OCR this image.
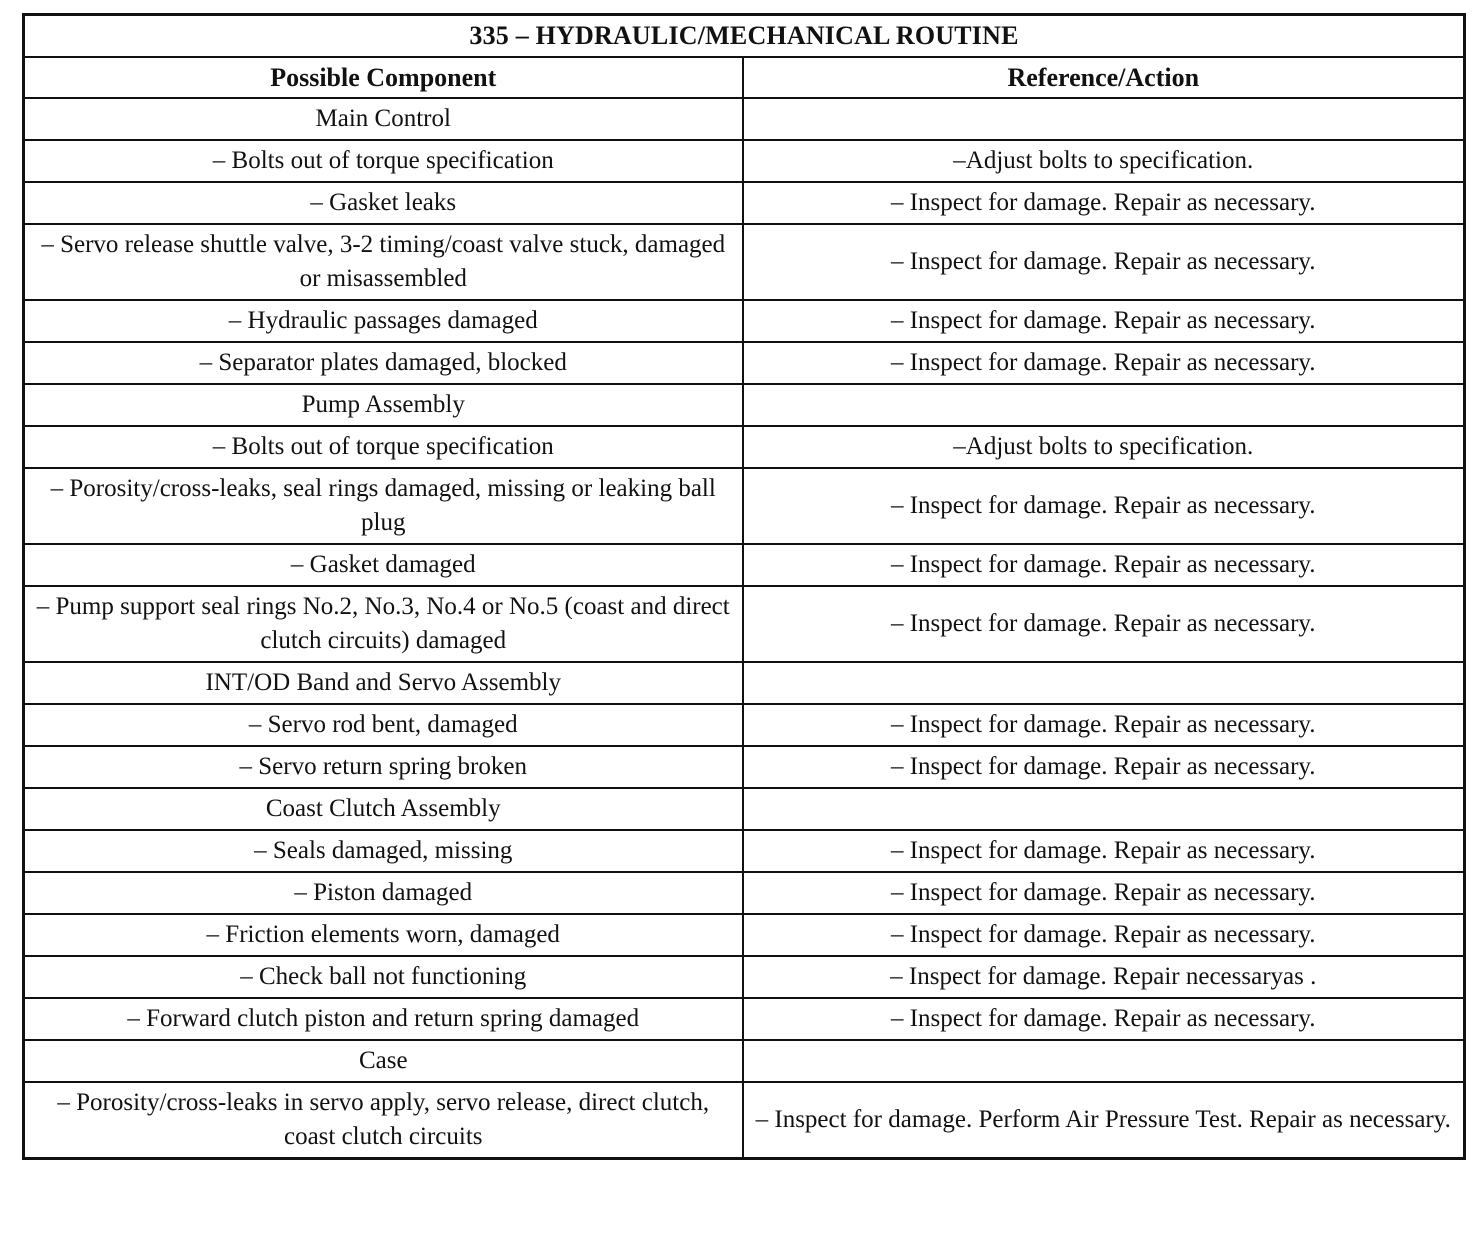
335 – HYDRAULIC/MECHANICAL ROUTINE	
Possible Component	Reference/Action
Main Control	
– Bolts out of torque specification	–Adjust bolts to specification.
– Gasket leaks	– Inspect for damage. Repair as necessary.
– Servo release shuttle valve, 3-2 timing/coast valve stuck, damaged or misassembled	– Inspect for damage. Repair as necessary.
– Hydraulic passages damaged	– Inspect for damage. Repair as necessary.
– Separator plates damaged, blocked	– Inspect for damage. Repair as necessary.
Pump Assembly	
– Bolts out of torque specification	–Adjust bolts to specification.
– Porosity/cross-leaks, seal rings damaged, missing or leaking ball plug	– Inspect for damage. Repair as necessary.
– Gasket damaged	– Inspect for damage. Repair as necessary.
– Pump support seal rings No.2, No.3, No.4 or No.5 (coast and direct clutch circuits) damaged	– Inspect for damage. Repair as necessary.
INT/OD Band and Servo Assembly	
– Servo rod bent, damaged	– Inspect for damage. Repair as necessary.
– Servo return spring broken	– Inspect for damage. Repair as necessary.
Coast Clutch Assembly	
– Seals damaged, missing	– Inspect for damage. Repair as necessary.
– Piston damaged	– Inspect for damage. Repair as necessary.
– Friction elements worn, damaged	– Inspect for damage. Repair as necessary.
– Check ball not functioning	– Inspect for damage. Repair necessaryas .
– Forward clutch piston and return spring damaged	– Inspect for damage. Repair as necessary.
Case	
– Porosity/cross-leaks in servo apply, servo release, direct clutch, coast clutch circuits	– Inspect for damage. Perform Air Pressure Test. Repair as necessary.
